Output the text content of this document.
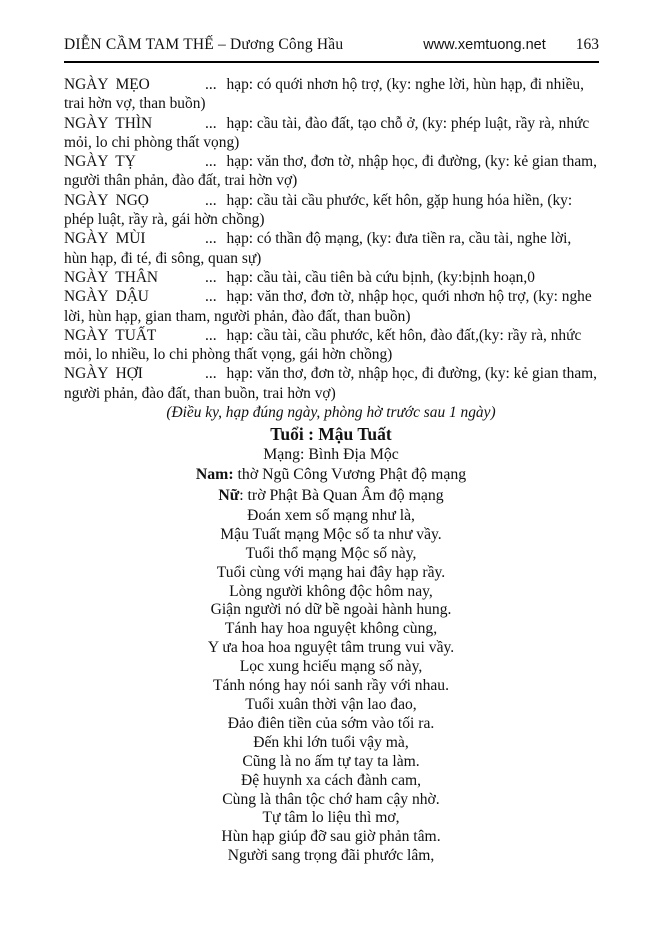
DIỄN CẦM TAM THẾ – Dương Công Hầu	www.xemtuong.net 163

NGÀY  MẸO	... hạp: có quới nhơn hộ trợ, (ky: nghe lời, hùn hạp, đi nhiều, trai hờn vợ, than buồn)

NGÀY  THÌN	... hạp: cầu tài, đào đất, tạo chỗ ở, (ky: phép luật, rầy rà, nhức mỏi, lo chi phòng thất vọng)

NGÀY  TỴ	... hạp: văn thơ, đơn tờ, nhập học, đi đường, (ky: kẻ gian tham, người thân phản, đào đất, trai hờn vợ)

NGÀY  NGỌ	... hạp: cầu tài cầu phước, kết hôn, gặp hung hóa hiền, (ky: phép luật, rầy rà, gái hờn chồng)

NGÀY  MÙI	... hạp: có thần độ mạng, (ky: đưa tiền ra, cầu tài, nghe lời, hùn hạp, đi té, đi sông, quan sự)

NGÀY  THÂN	... hạp: cầu tài, cầu tiên bà cứu bịnh, (ky:bịnh hoạn,0

NGÀY  DẬU	... hạp: văn thơ, đơn tờ, nhập học, quới nhơn hộ trợ, (ky: nghe lời, hùn hạp, gian tham, người phản, đào đất, than buồn)

NGÀY  TUẤT	... hạp: cầu tài, cầu phước, kết hôn, đào đất,(ky: rầy rà, nhức mỏi, lo nhiều, lo chi phòng thất vọng, gái hờn chồng)

NGÀY  HỢI	... hạp: văn thơ, đơn tờ, nhập học, đi đường, (ky: kẻ gian tham, người phản, đào đất, than buồn, trai hờn vợ)

(Điều ky, hạp đúng ngày, phòng hờ trước sau 1 ngày)
Tuổi : Mậu Tuất
Mạng: Bình Địa Mộc
Nam: thờ Ngũ Công Vương Phật độ mạng
Nữ: trờ Phật Bà Quan Âm độ mạng
Đoán xem số mạng như là,
Mậu Tuất mạng Mộc số ta như vầy.
Tuổi thổ mạng Mộc số này,
Tuổi cùng với mạng hai đây hạp rầy.
Lòng người không độc hôm nay,
Giận người nó dữ bề ngoài hành hung.
Tánh hay hoa nguyệt không cùng,
Y ưa hoa hoa nguyệt tâm trung vui vầy.
Lọc xung hciếu mạng số này,
Tánh nóng hay nói sanh rầy với nhau.
Tuổi xuân thời vận lao đao,
Đảo điên tiền của sớm vào tối ra.
Đến khi lớn tuổi vậy mà,
Cũng là no ấm tự tay ta làm.
Đệ huynh xa cách đành cam,
Cùng là thân tộc chớ ham cậy nhờ.
Tự tâm lo liệu thì mơ,
Hùn hạp giúp đỡ sau giờ phản tâm.
Người sang trọng đãi phước lâm,
